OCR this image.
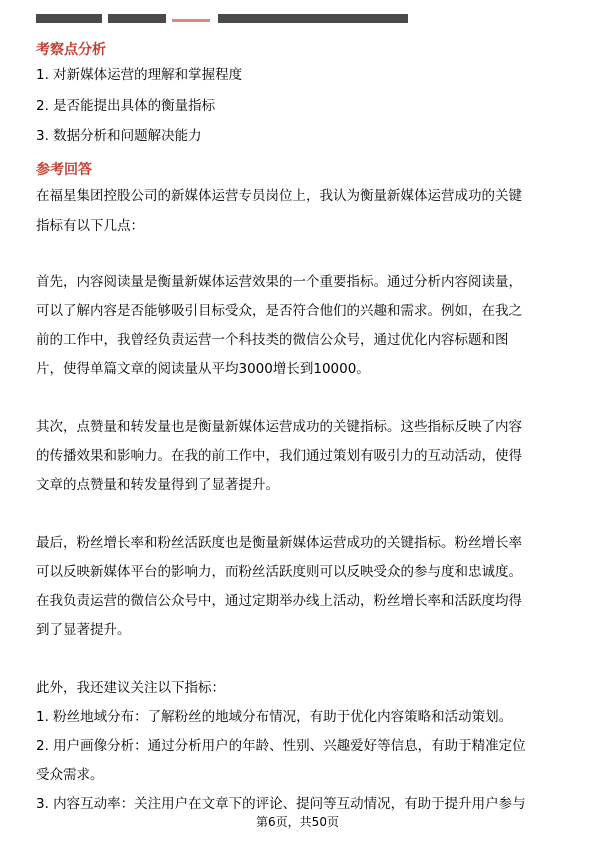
考察点分析
1. 对新媒体运营的理解和掌握程度
2. 是否能提出具体的衡量指标
3. 数据分析和问题解决能力
参考回答
在福星集团控股公司的新媒体运营专员岗位上，我认为衡量新媒体运营成功的关键
指标有以下几点：
首先，内容阅读量是衡量新媒体运营效果的一个重要指标。通过分析内容阅读量，
可以了解内容是否能够吸引目标受众，是否符合他们的兴趣和需求。例如，在我之
前的工作中，我曾经负责运营一个科技类的微信公众号，通过优化内容标题和图
片，使得单篇文章的阅读量从平均3000增长到10000。
其次，点赞量和转发量也是衡量新媒体运营成功的关键指标。这些指标反映了内容
的传播效果和影响力。在我的前工作中，我们通过策划有吸引力的互动活动，使得
文章的点赞量和转发量得到了显著提升。
最后，粉丝增长率和粉丝活跃度也是衡量新媒体运营成功的关键指标。粉丝增长率
可以反映新媒体平台的影响力，而粉丝活跃度则可以反映受众的参与度和忠诚度。
在我负责运营的微信公众号中，通过定期举办线上活动，粉丝增长率和活跃度均得
到了显著提升。
此外，我还建议关注以下指标：
1. 粉丝地域分布：了解粉丝的地域分布情况，有助于优化内容策略和活动策划。
2. 用户画像分析：通过分析用户的年龄、性别、兴趣爱好等信息，有助于精准定位
受众需求。
3. 内容互动率：关注用户在文章下的评论、提问等互动情况，有助于提升用户参与
第6页，共50页
